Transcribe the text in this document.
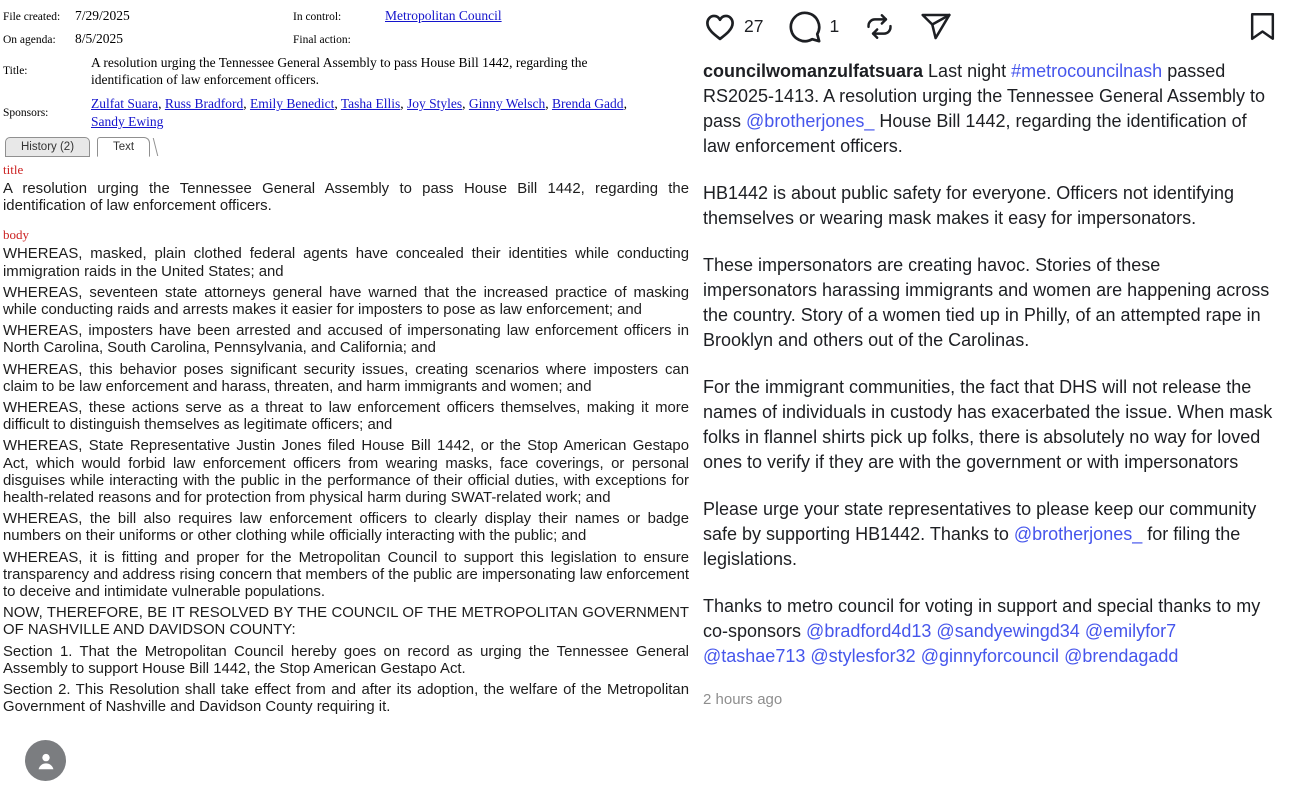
File created:	7/29/2025	In control:	Metropolitan Council
On agenda:	8/5/2025	Final action:
Title:
A resolution urging the Tennessee General Assembly to pass House Bill 1442, regarding the identification of law enforcement officers.
Sponsors:
Zulfat Suara, Russ Bradford, Emily Benedict, Tasha Ellis, Joy Styles, Ginny Welsch, Brenda Gadd, Sandy Ewing
History (2)	Text
title

A resolution urging the Tennessee General Assembly to pass House Bill 1442, regarding the identification of law enforcement officers.

body

WHEREAS, masked, plain clothed federal agents have concealed their identities while conducting immigration raids in the United States; and

WHEREAS, seventeen state attorneys general have warned that the increased practice of masking while conducting raids and arrests makes it easier for imposters to pose as law enforcement; and

WHEREAS, imposters have been arrested and accused of impersonating law enforcement officers in North Carolina, South Carolina, Pennsylvania, and California; and

WHEREAS, this behavior poses significant security issues, creating scenarios where imposters can claim to be law enforcement and harass, threaten, and harm immigrants and women; and

WHEREAS, these actions serve as a threat to law enforcement officers themselves, making it more difficult to distinguish themselves as legitimate officers; and

WHEREAS, State Representative Justin Jones filed House Bill 1442, or the Stop American Gestapo Act, which would forbid law enforcement officers from wearing masks, face coverings, or personal disguises while interacting with the public in the performance of their official duties, with exceptions for health-related reasons and for protection from physical harm during SWAT-related work; and

WHEREAS, the bill also requires law enforcement officers to clearly display their names or badge numbers on their uniforms or other clothing while officially interacting with the public; and

WHEREAS, it is fitting and proper for the Metropolitan Council to support this legislation to ensure transparency and address rising concern that members of the public are impersonating law enforcement to deceive and intimidate vulnerable populations.

NOW, THEREFORE, BE IT RESOLVED BY THE COUNCIL OF THE METROPOLITAN GOVERNMENT OF NASHVILLE AND DAVIDSON COUNTY:

Section 1. That the Metropolitan Council hereby goes on record as urging the Tennessee General Assembly to support House Bill 1442, the Stop American Gestapo Act.

Section 2. This Resolution shall take effect from and after its adoption, the welfare of the Metropolitan Government of Nashville and Davidson County requiring it.

27	1

councilwomanzulfatsuara Last night #metrocouncilnash passed RS2025-1413. A resolution urging the Tennessee General Assembly to pass @brotherjones_ House Bill 1442, regarding the identification of law enforcement officers.

HB1442 is about public safety for everyone. Officers not identifying themselves or wearing mask makes it easy for impersonators.

These impersonators are creating havoc. Stories of these impersonators harassing immigrants and women are happening across the country. Story of a women tied up in Philly, of an attempted rape in Brooklyn and others out of the Carolinas.

For the immigrant communities, the fact that DHS will not release the names of individuals in custody has exacerbated the issue. When mask folks in flannel shirts pick up folks, there is absolutely no way for loved ones to verify if they are with the government or with impersonators

Please urge your state representatives to please keep our community safe by supporting HB1442. Thanks to @brotherjones_ for filing the legislations.

Thanks to metro council for voting in support and special thanks to my co-sponsors @bradford4d13 @sandyewingd34 @emilyfor7 @tashae713 @stylesfor32 @ginnyforcouncil @brendagadd

2 hours ago
